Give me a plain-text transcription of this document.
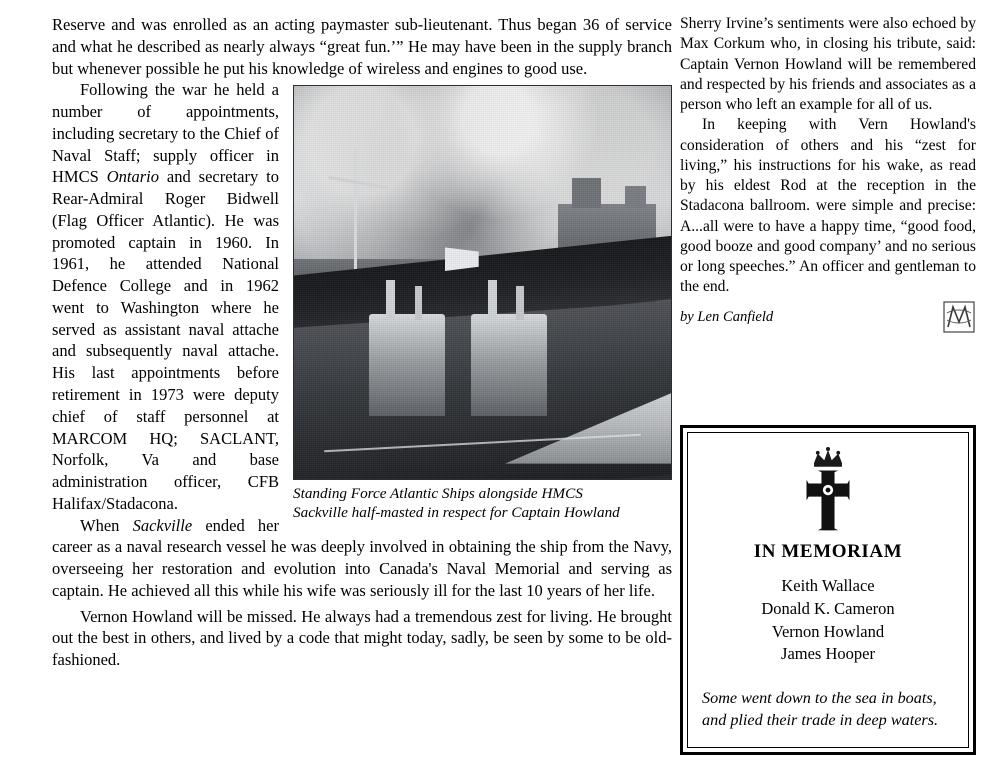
Reserve and was enrolled as an acting paymaster sub-lieutenant. Thus began 36 of service and what he described as nearly always “great fun.’” He may have been in the supply branch but whenever possible he put his knowledge of wireless and engines to good use.

Standing Force Atlantic Ships alongside HMCS
Sackville half-masted in respect for Captain Howland

Following the war he held a number of appointments, including secretary to the Chief of Naval Staff; supply officer in HMCS Ontario and secretary to Rear-Admiral Roger Bidwell (Flag Officer Atlantic). He was promoted captain in 1960. In 1961, he attended National Defence College and in 1962 went to Washington where he served as assistant naval attache and subsequently naval attache. His last appointments before retirement in 1973 were deputy chief of staff personnel at MARCOM HQ; SACLANT, Norfolk, Va and base administration officer, CFB Halifax/Stadacona.

When Sackville ended her career as a naval research vessel he was deeply involved in obtaining the ship from the Navy, overseeing her restoration and evolution into Canada's Naval Memorial and serving as captain. He achieved all this while his wife was seriously ill for the last 10 years of her life.

Vernon Howland will be missed. He always had a tremendous zest for living. He brought out the best in others, and lived by a code that might today, sadly, be seen by some to be old-fashioned.

Sherry Irvine’s sentiments were also echoed by Max Corkum who, in closing his tribute, said: Captain Vernon Howland will be remembered and respected by his friends and associates as a person who left an example for all of us.

In keeping with Vern Howland's consideration of others and his “zest for living,” his instructions for his wake, as read by his eldest Rod at the reception in the Stadacona ballroom. were simple and precise: A...all were to have a happy time, “good food, good booze and good company’ and no serious or long speeches.” An officer and gentleman to the end.

by Len Canfield
IN MEMORIAM
Keith Wallace
Donald K. Cameron
Vernon Howland
James Hooper
Some went down to the sea in boats, and plied their trade in deep waters.
